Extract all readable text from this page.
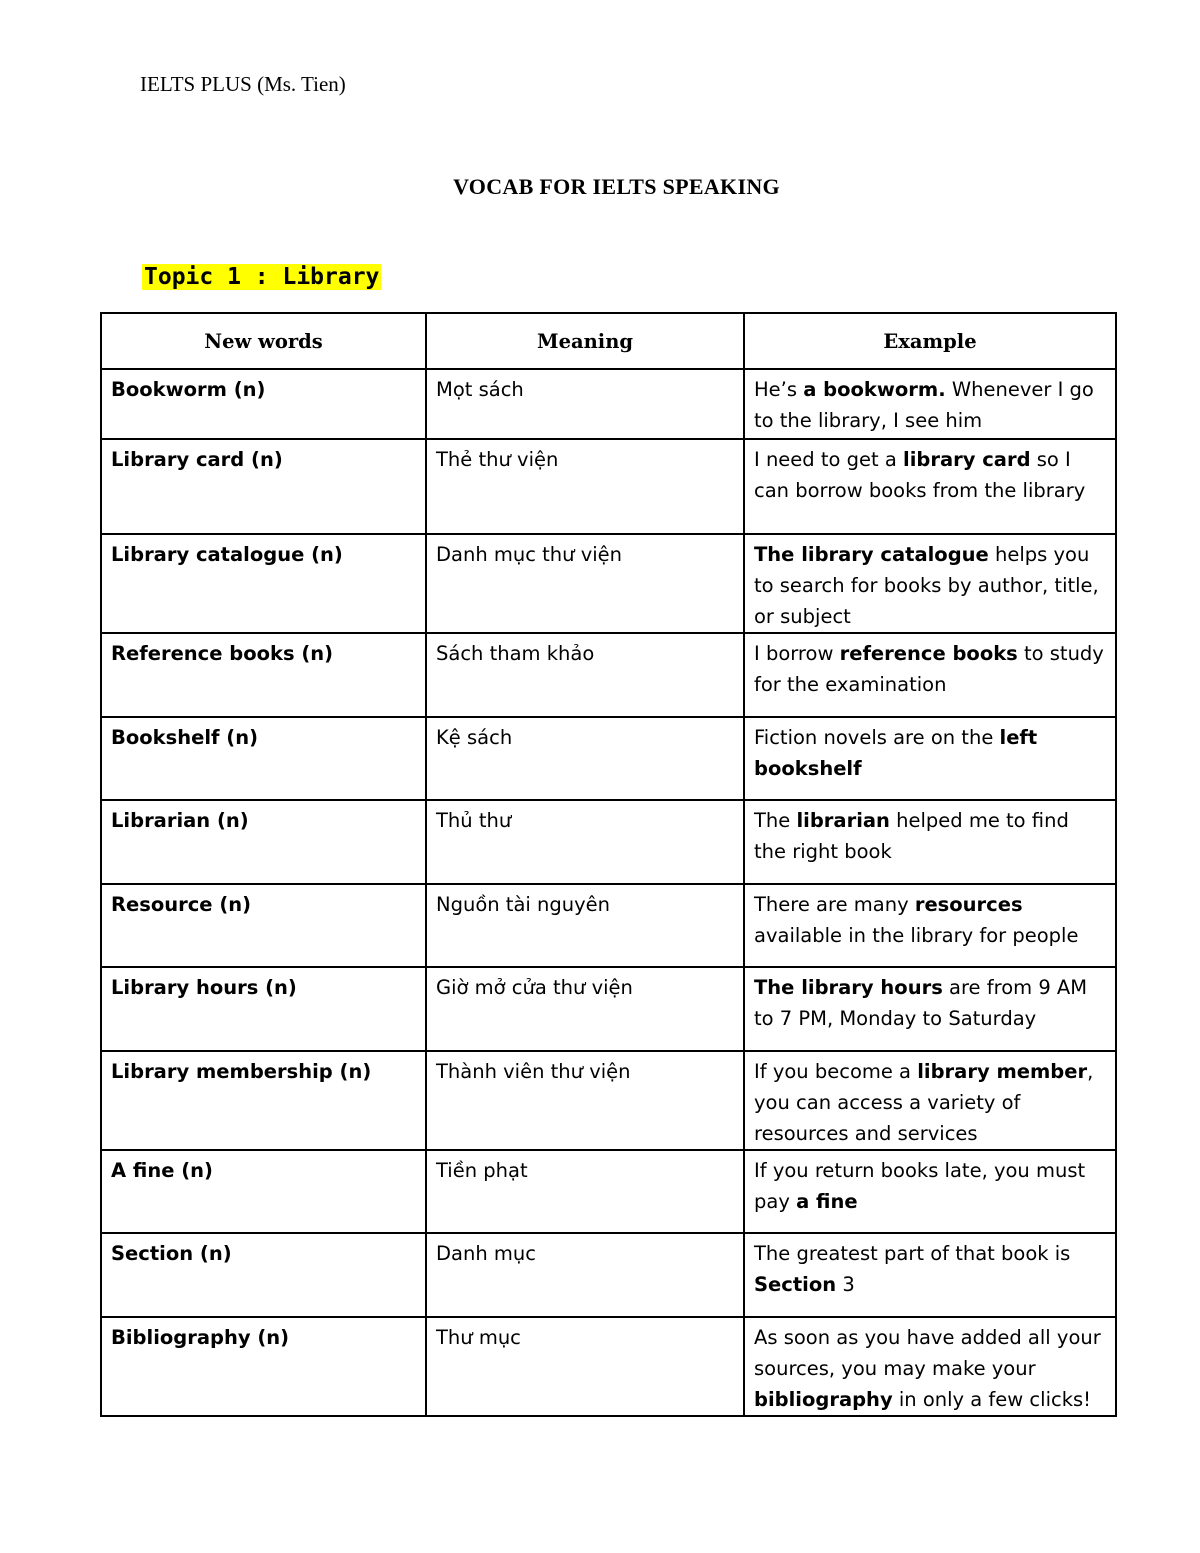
IELTS PLUS (Ms. Tien)
VOCAB FOR IELTS SPEAKING
Topic 1 : Library
New words	Meaning	Example
Bookworm (n)	Mọt sách	He’s a bookworm. Whenever I go to the library, I see him
Library card (n)	Thẻ thư viện	I need to get a library card so I can borrow books from the library
Library catalogue (n)	Danh mục thư viện	The library catalogue helps you to search for books by author, title, or subject
Reference books (n)	Sách tham khảo	I borrow reference books to study for the examination
Bookshelf (n)	Kệ sách	Fiction novels are on the left bookshelf
Librarian (n)	Thủ thư	The librarian helped me to find the right book
Resource (n)	Nguồn tài nguyên	There are many resources available in the library for people
Library hours (n)	Giờ mở cửa thư viện	The library hours are from 9 AM to 7 PM, Monday to Saturday
Library membership (n)	Thành viên thư viện	If you become a library member, you can access a variety of resources and services
A fine (n)	Tiền phạt	If you return books late, you must pay a fine
Section (n)	Danh mục	The greatest part of that book is Section 3
Bibliography (n)	Thư mục	As soon as you have added all your sources, you may make your bibliography in only a few clicks!
